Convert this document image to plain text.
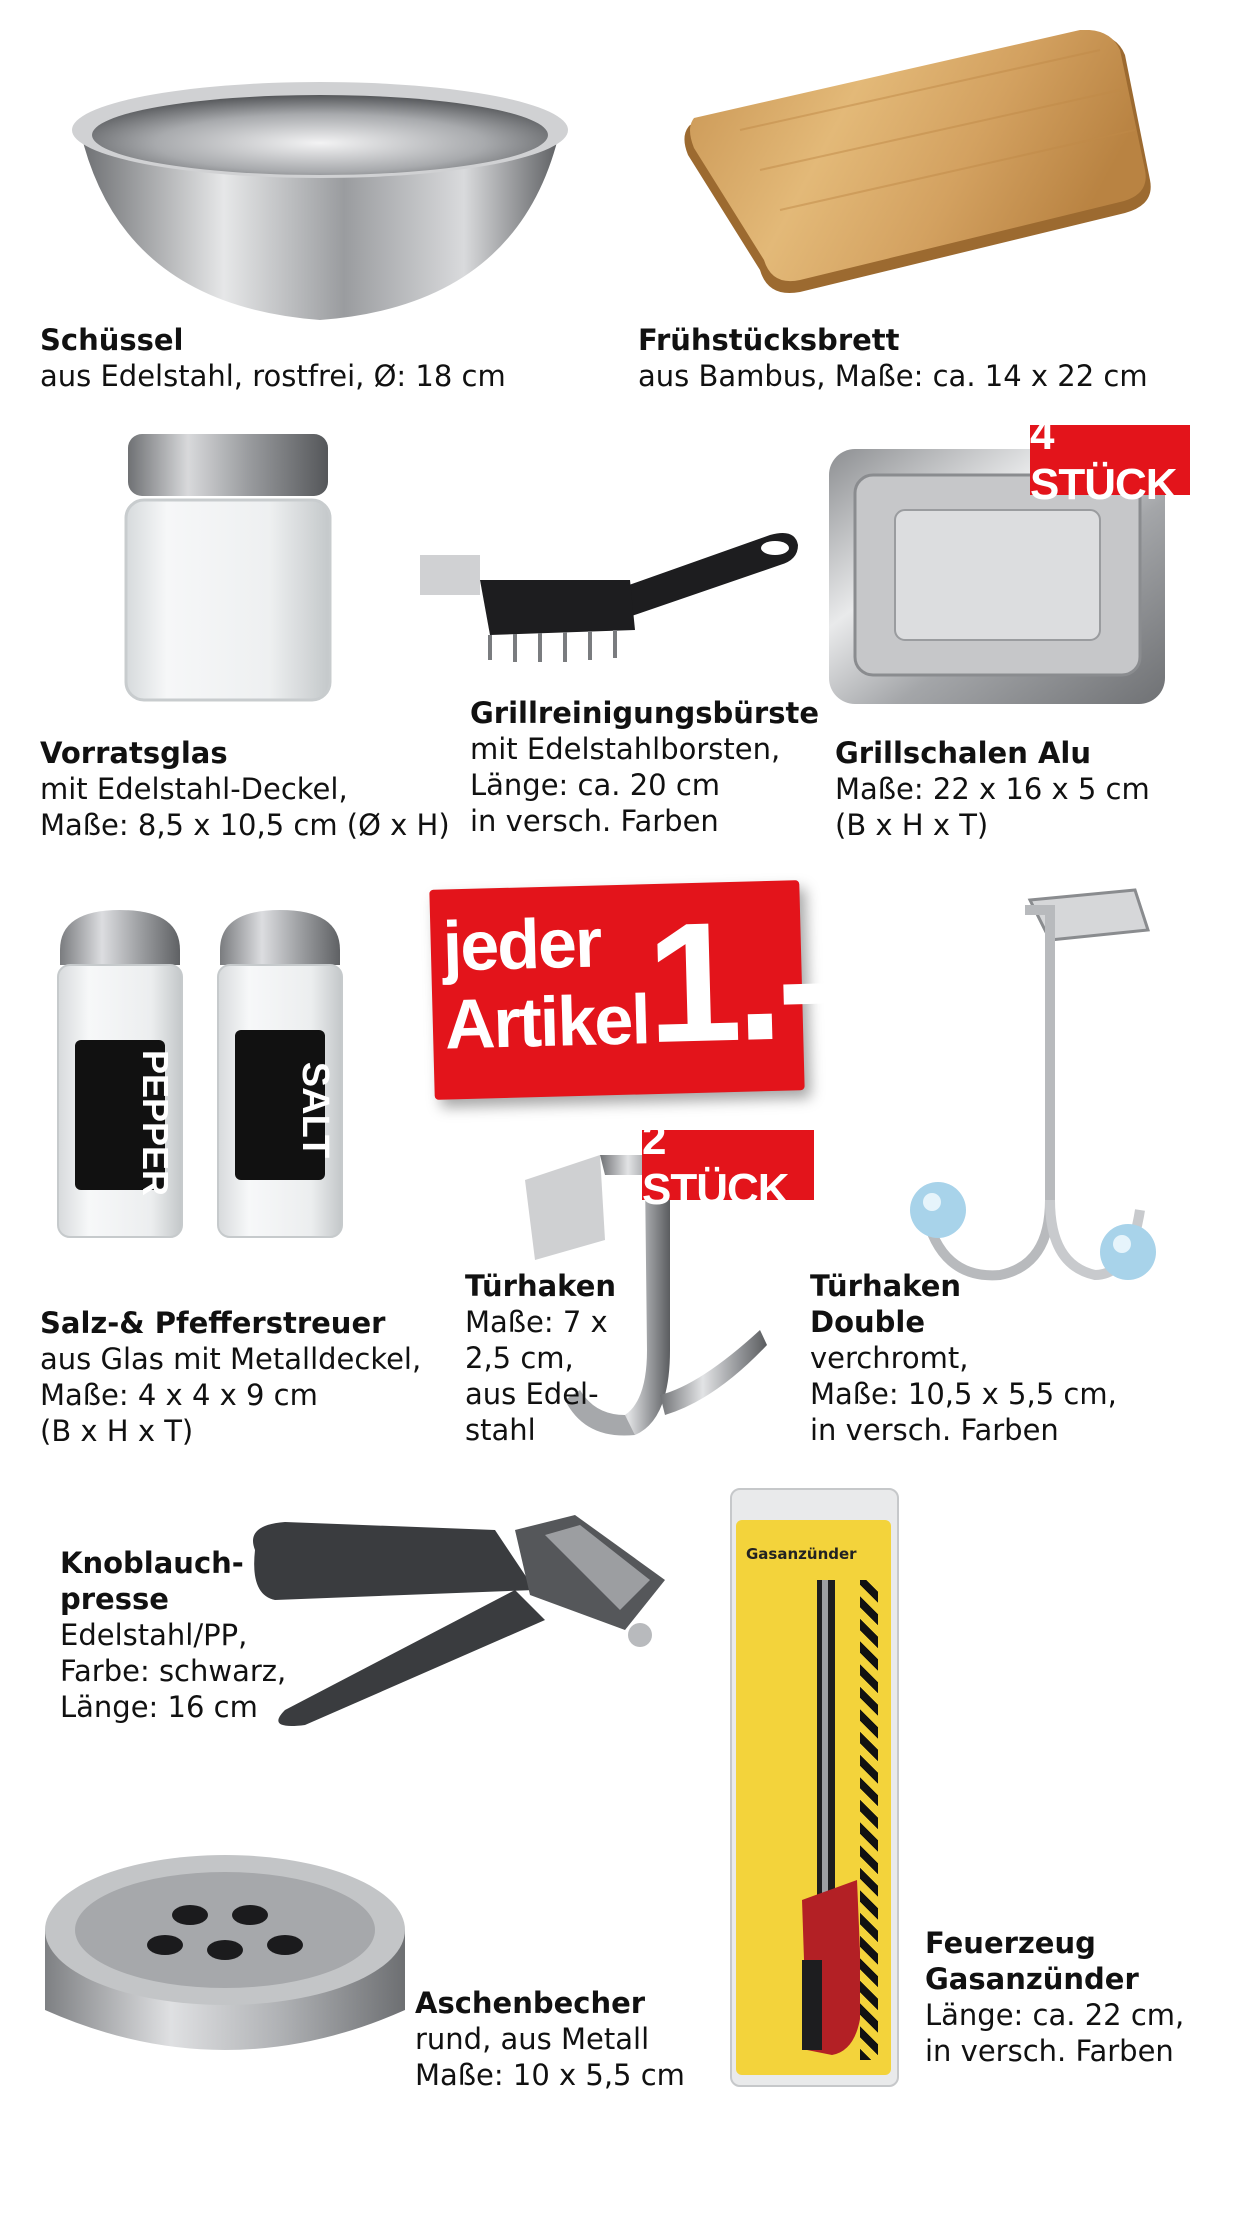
Schüssel
aus Edelstahl, rostfrei, Ø: 18 cm
Frühstücksbrett
aus Bambus, Maße: ca. 14 x 22 cm
Vorratsglas
mit Edelstahl-Deckel,
Maße: 8,5 x 10,5 cm (Ø x H)
Grillreinigungsbürste
mit Edelstahlborsten,
Länge: ca. 20 cm
in versch. Farben
4 STÜCK
Grillschalen Alu
Maße: 22 x 16 x 5 cm
(B x H x T)
PEPPER	SALT
Salz-& Pfefferstreuer
aus Glas mit Metalldeckel,
Maße: 4 x 4 x 9 cm
(B x H x T)
jeder
Artikel
1.-
2 STÜCK
Türhaken
Maße: 7 x
2,5 cm,
aus Edel-
stahl
Türhaken
Double
verchromt,
Maße: 10,5 x 5,5 cm,
in versch. Farben
Knoblauch-
presse
Edelstahl/PP,
Farbe: schwarz,
Länge: 16 cm
Aschenbecher
rund, aus Metall
Maße: 10 x 5,5 cm
Gasanzünder
Feuerzeug
Gasanzünder
Länge: ca. 22 cm,
in versch. Farben
